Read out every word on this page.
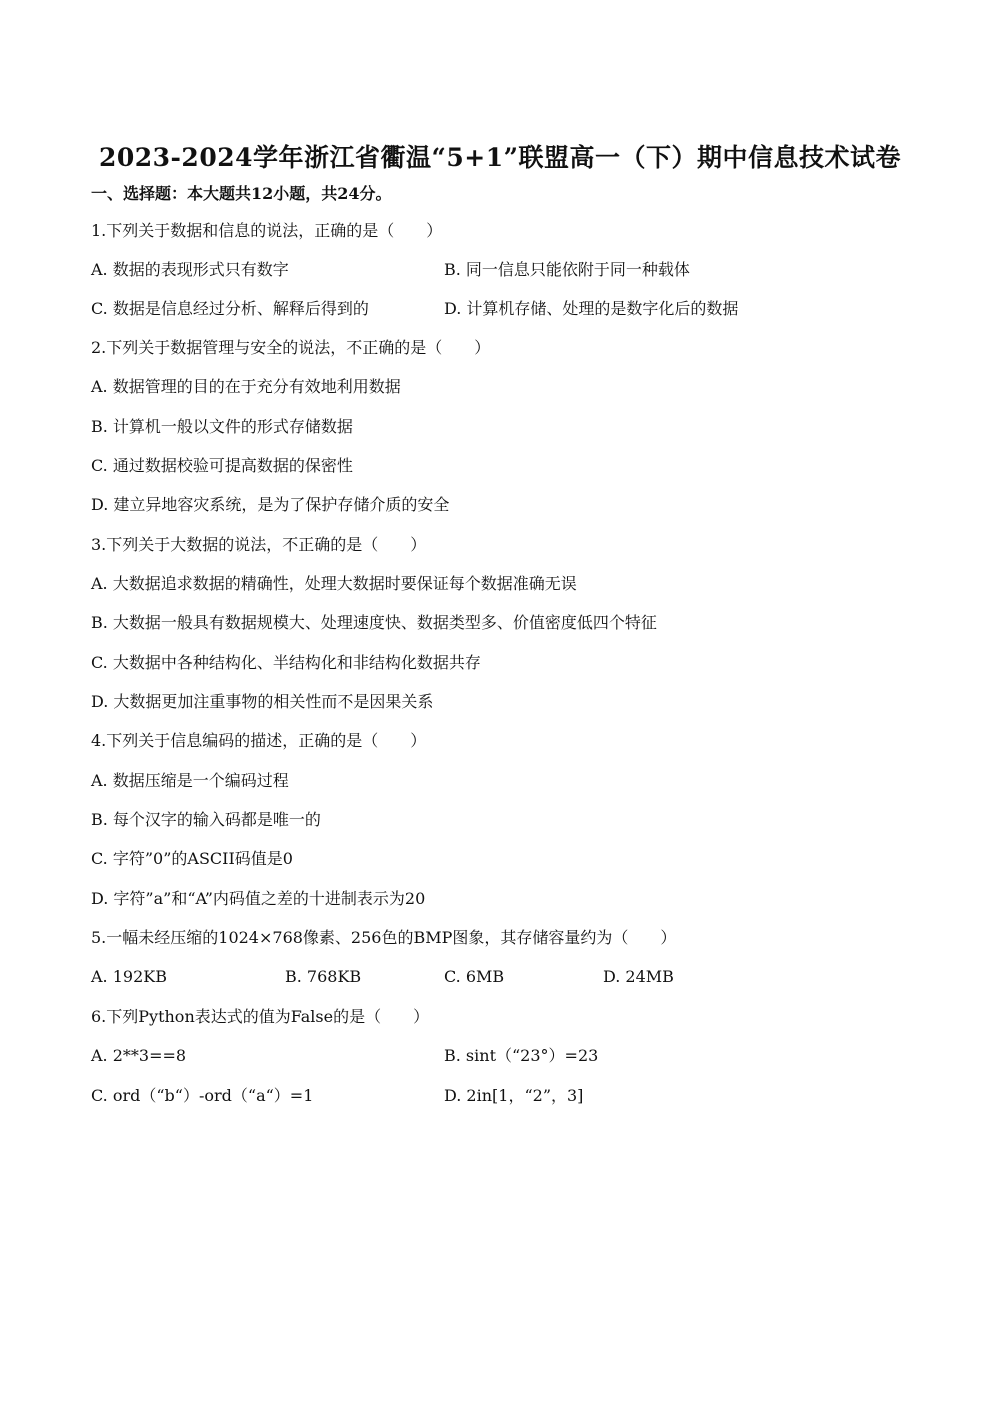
2023-2024学年浙江省衢温“5+1”联盟高一（下）期中信息技术试卷
一、选择题：本大题共12小题，共24分。
1.下列关于数据和信息的说法，正确的是（　　）
A. 数据的表现形式只有数字	B. 同一信息只能依附于同一种载体
C. 数据是信息经过分析、解释后得到的	D. 计算机存储、处理的是数字化后的数据
2.下列关于数据管理与安全的说法，不正确的是（　　）
A. 数据管理的目的在于充分有效地利用数据
B. 计算机一般以文件的形式存储数据
C. 通过数据校验可提高数据的保密性
D. 建立异地容灾系统，是为了保护存储介质的安全
3.下列关于大数据的说法，不正确的是（　　）
A. 大数据追求数据的精确性，处理大数据时要保证每个数据准确无误
B. 大数据一般具有数据规模大、处理速度快、数据类型多、价值密度低四个特征
C. 大数据中各种结构化、半结构化和非结构化数据共存
D. 大数据更加注重事物的相关性而不是因果关系
4.下列关于信息编码的描述，正确的是（　　）
A. 数据压缩是一个编码过程
B. 每个汉字的输入码都是唯一的
C. 字符”0”的ASCII码值是0
D. 字符”a”和“A”内码值之差的十进制表示为20
5.一幅未经压缩的1024×768像素、256色的BMP图象，其存储容量约为（　　）
A. 192KB	B. 768KB	C. 6MB	D. 24MB
6.下列Python表达式的值为False的是（　　）
A. 2**3==8	B. sint（“23°）=23
C. ord（“b“）-ord（“a“）=1	D. 2in[1，“2”，3]
